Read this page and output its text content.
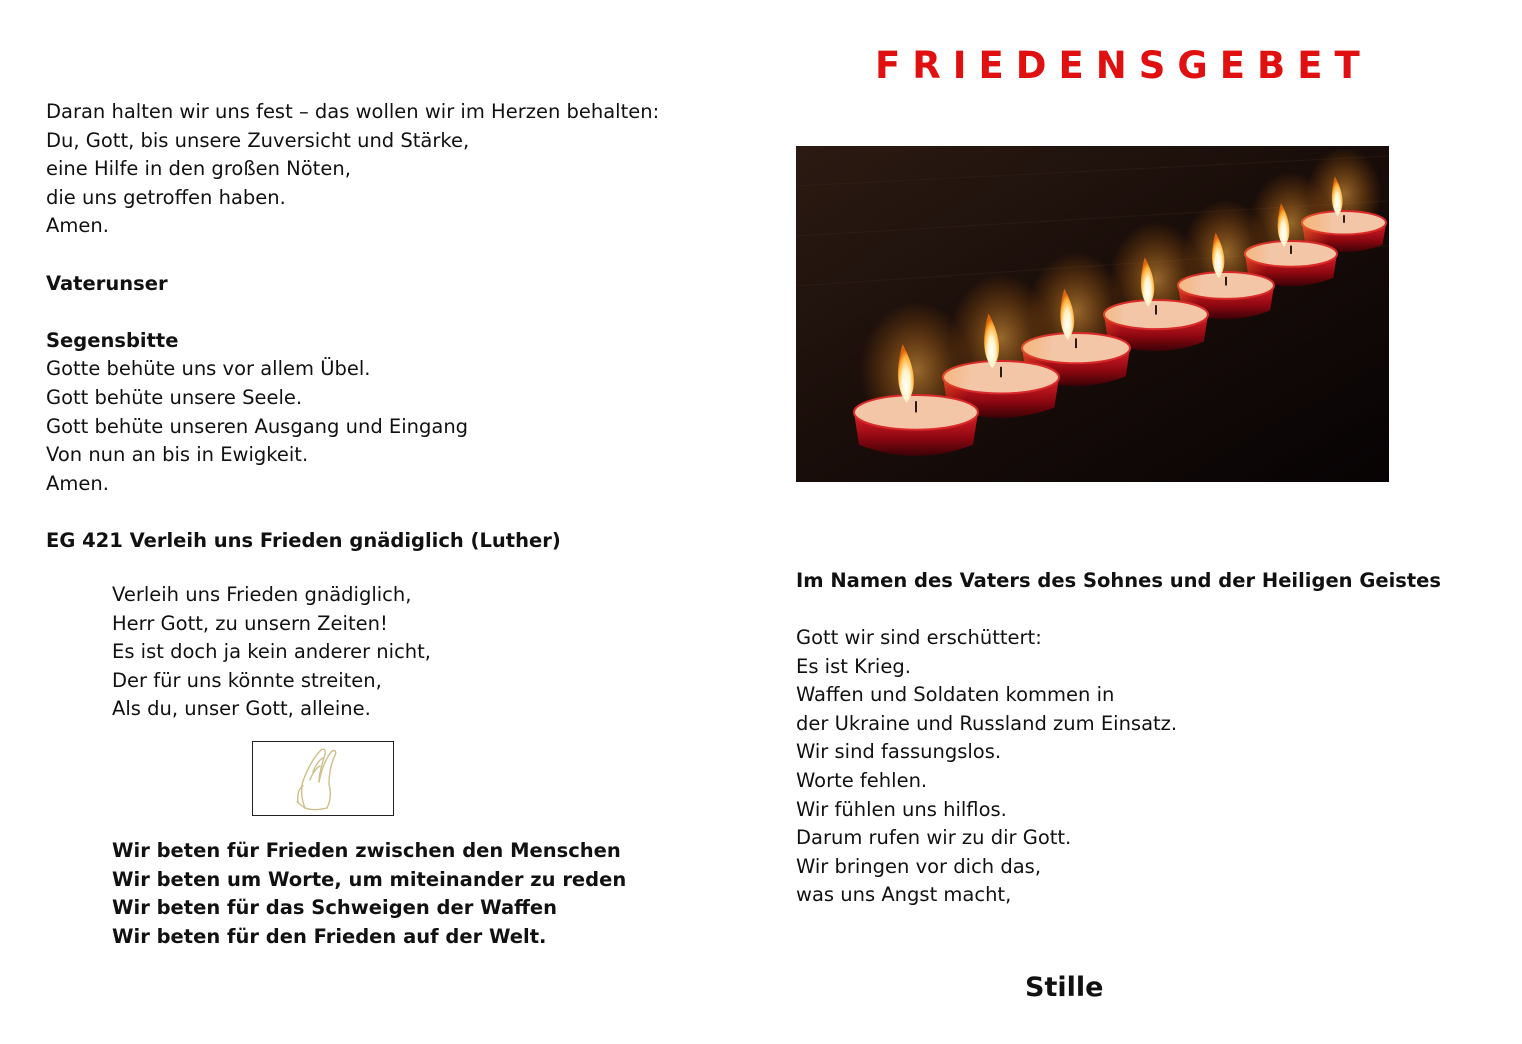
Daran halten wir uns fest – das wollen wir im Herzen behalten:
Du, Gott, bis unsere Zuversicht und Stärke,
eine Hilfe in den großen Nöten,
die uns getroffen haben.
Amen.
Vaterunser
Segensbitte
Gotte behüte uns vor allem Übel.
Gott behüte unsere Seele.
Gott behüte unseren Ausgang und Eingang
Von nun an bis in Ewigkeit.
Amen.
EG 421 Verleih uns Frieden gnädiglich (Luther)
Verleih uns Frieden gnädiglich,
Herr Gott, zu unsern Zeiten!
Es ist doch ja kein anderer nicht,
Der für uns könnte streiten,
Als du, unser Gott, alleine.
Wir beten für Frieden zwischen den Menschen
Wir beten um Worte, um miteinander zu reden
Wir beten für das Schweigen der Waffen
Wir beten für den Frieden auf der Welt.
FRIEDENSGEBET
Im Namen des Vaters des Sohnes und der Heiligen Geistes
Gott wir sind erschüttert:
Es ist Krieg.
Waffen und Soldaten kommen in
der Ukraine und Russland zum Einsatz.
Wir sind fassungslos.
Worte fehlen.
Wir fühlen uns hilflos.
Darum rufen wir zu dir Gott.
Wir bringen vor dich das,
was uns Angst macht,
Stille
